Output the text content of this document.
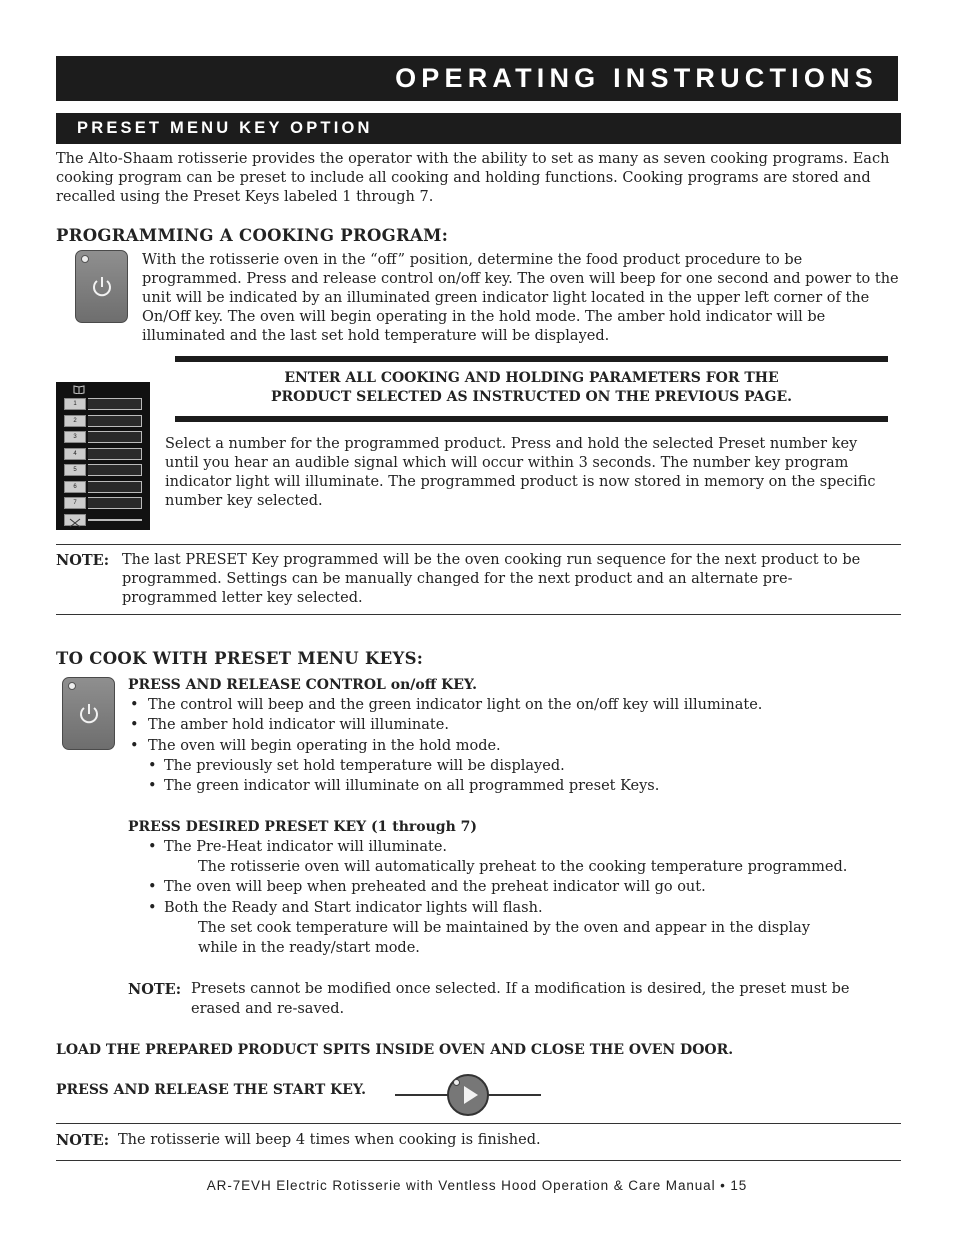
OPERATING INSTRUCTIONS
PRESET MENU KEY OPTION

The Alto-Shaam rotisserie provides the operator with the ability to set as many as seven cooking programs. Each cooking program can be preset to include all cooking and holding functions. Cooking programs are stored and recalled using the Preset Keys labeled 1 through 7.

PROGRAMMING A COOKING PROGRAM:

With the rotisserie oven in the “off” position, determine the food product procedure to be programmed. Press and release control on/off key. The oven will beep for one second and power to the unit will be indicated by an illuminated green indicator light located in the upper left corner of the On/Off key. The oven will begin operating in the hold mode. The amber hold indicator will be illuminated and the last set hold temperature will be displayed.

ENTER ALL COOKING AND HOLDING PARAMETERS FOR THE
PRODUCT SELECTED AS INSTRUCTED ON THE PREVIOUS PAGE.
1
2
3
4
5
6
7

Select a number for the programmed product. Press and hold the selected Preset number key until you hear an audible signal which will occur within 3 seconds. The number key program indicator light will illuminate. The programmed product is now stored in memory on the specific number key selected.

NOTE: The last PRESET Key programmed will be the oven cooking run sequence for the next product to be programmed. Settings can be manually changed for the next product and an alternate pre-programmed letter key selected.

TO COOK WITH PRESET MENU KEYS:
PRESS AND RELEASE CONTROL on/off KEY.
• The control will beep and the green indicator light on the on/off key will illuminate.
• The amber hold indicator will illuminate.
• The oven will begin operating in the hold mode.
• The previously set hold temperature will be displayed.
• The green indicator will illuminate on all programmed preset Keys.
PRESS DESIRED PRESET KEY (1 through 7)
• The Pre-Heat indicator will illuminate.
The rotisserie oven will automatically preheat to the cooking temperature programmed.
• The oven will beep when preheated and the preheat indicator will go out.
• Both the Ready and Start indicator lights will flash.
The set cook temperature will be maintained by the oven and appear in the display
while in the ready/start mode.
NOTE: Presets cannot be modified once selected. If a modification is desired, the preset must be
erased and re-saved.
LOAD THE PREPARED PRODUCT SPITS INSIDE OVEN AND CLOSE THE OVEN DOOR.
PRESS AND RELEASE THE START KEY.
NOTE: The rotisserie will beep 4 times when cooking is finished.
AR-7EVH Electric Rotisserie with Ventless Hood Operation & Care Manual • 15
